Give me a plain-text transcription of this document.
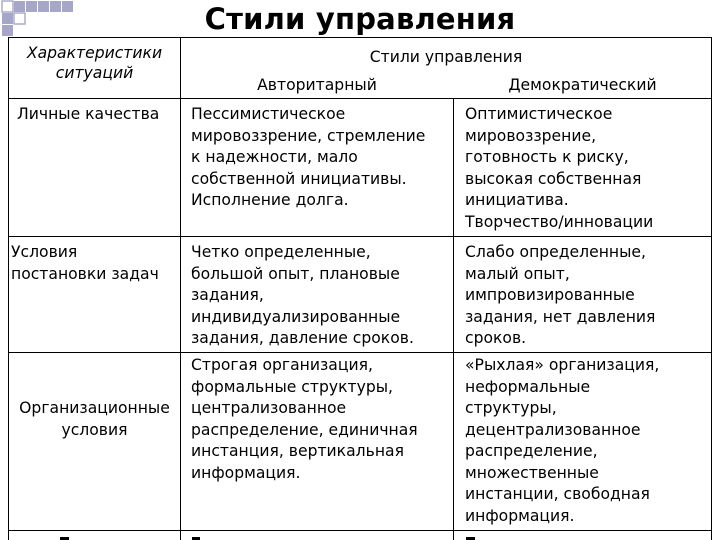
Стили управления
Характеристики
ситуаций
Стили управления
Авторитарный	Демократический
Личные качества Пессимистическое
мировоззрение, стремление
к надежности, мало
собственной инициативы.
Исполнение долга.
Оптимистическое
мировоззрение,
готовность к риску,
высокая собственная
инициатива.
Творчество/инновации
Условия
постановки задач
Четко определенные,
большой опыт, плановые
задания,
индивидуализированные
задания, давление сроков.
Слабо определенные,
малый опыт,
импровизированные
задания, нет давления
сроков.
Организационные
условия
Строгая организация,
формальные структуры,
централизованное
распределение, единичная
инстанция, вертикальная
информация.
«Рыхлая» организация,
неформальные
структуры,
децентрализованное
распределение,
множественные
инстанции, свободная
информация.
